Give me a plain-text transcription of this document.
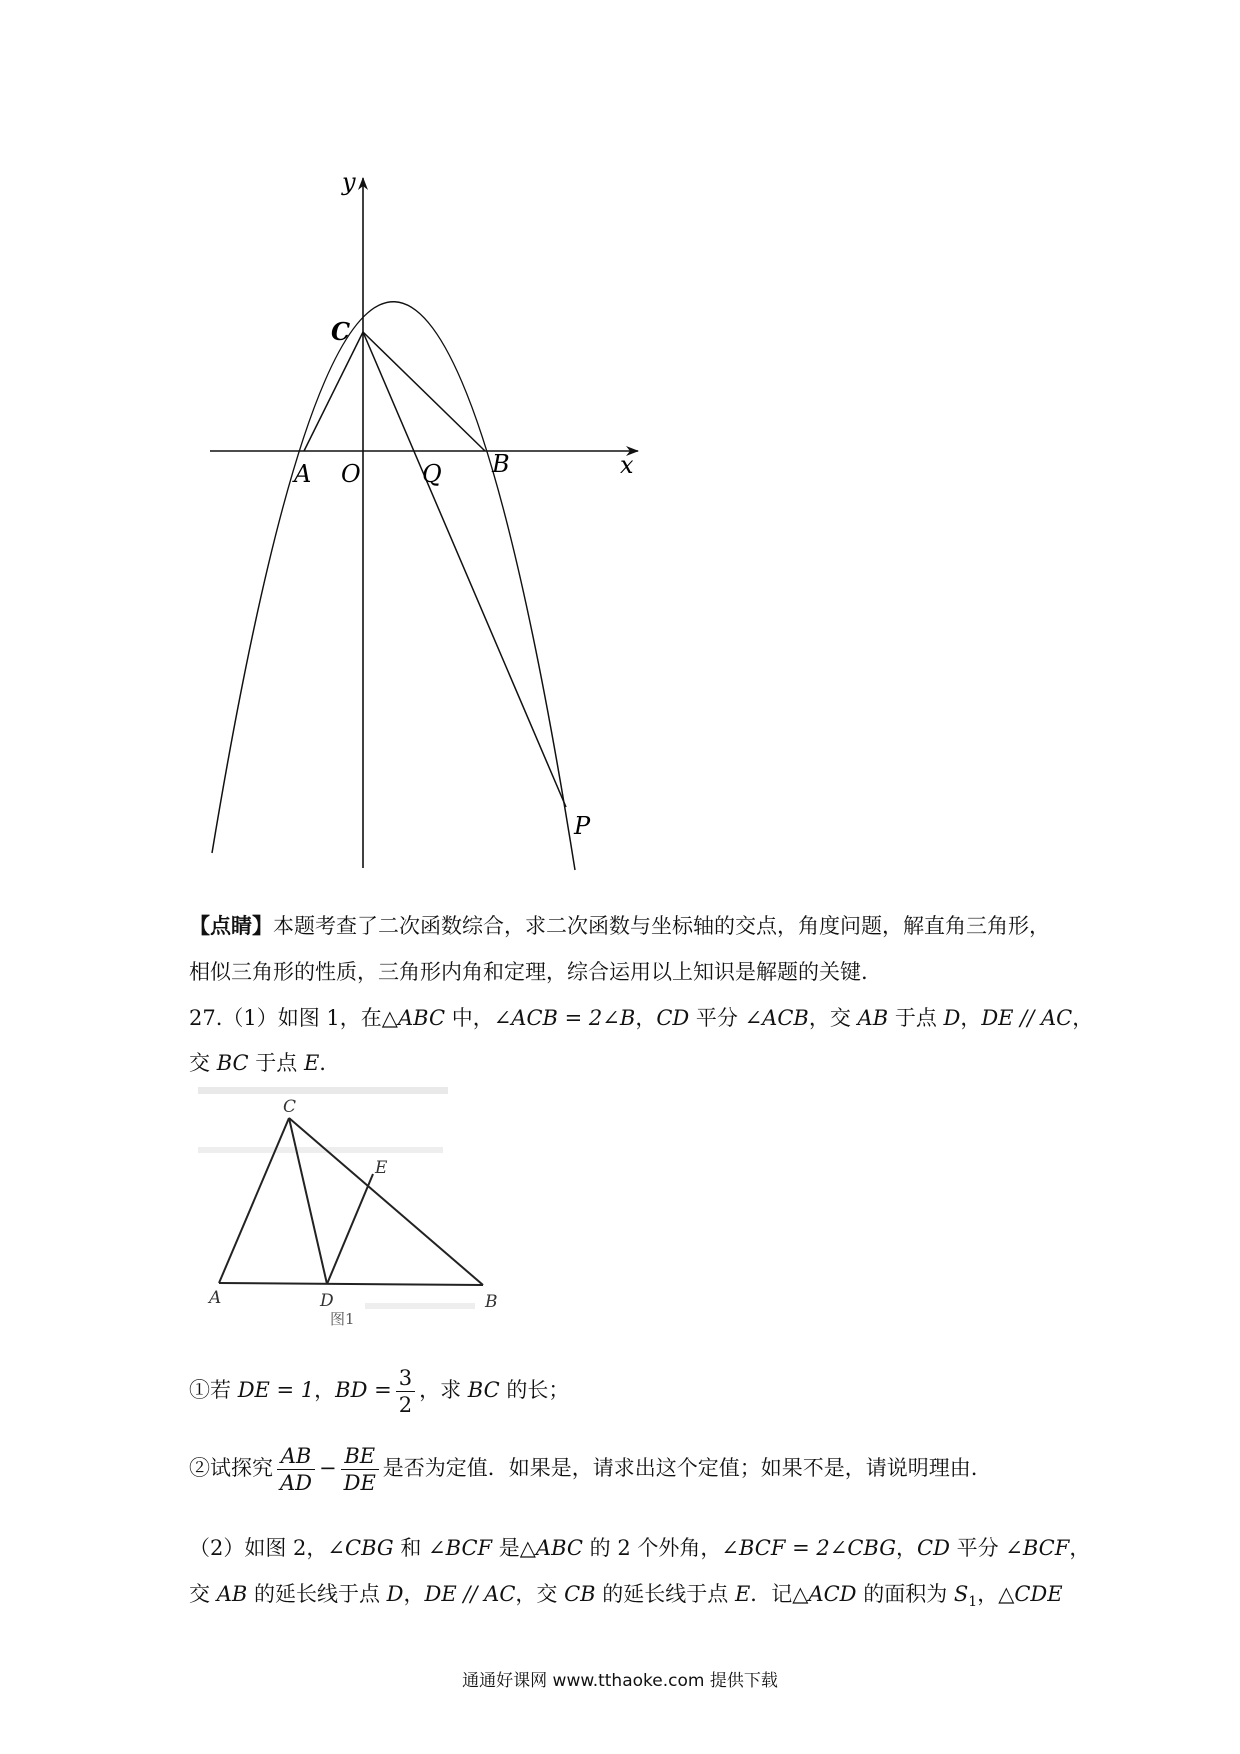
y
x
C
A O	Q B
P
【点睛】本题考查了二次函数综合，求二次函数与坐标轴的交点，角度问题，解直角三角形，
相似三角形的性质，三角形内角和定理，综合运用以上知识是解题的关键.
27.（1）如图 1，在△ABC 中，∠ACB = 2∠B，CD 平分 ∠ACB，交 AB 于点 D，DE // AC，
交 BC 于点 E.
C
E
A	D	B
图1
①若 DE = 1，BD = $\frac{3}{2}$ ，求 BC 的长；
②试探究 $\frac{AB}{AD} - \frac{BE}{DE}$ 是否为定值．如果是，请求出这个定值；如果不是，请说明理由.
（2）如图 2，∠CBG 和 ∠BCF 是△ABC 的 2 个外角，∠BCF = 2∠CBG，CD 平分 ∠BCF，
交 AB 的延长线于点 D，DE // AC，交 CB 的延长线于点 E．记△ACD 的面积为 $S_1$，△CDE
通通好课网 www.tthaoke.com 提供下载
